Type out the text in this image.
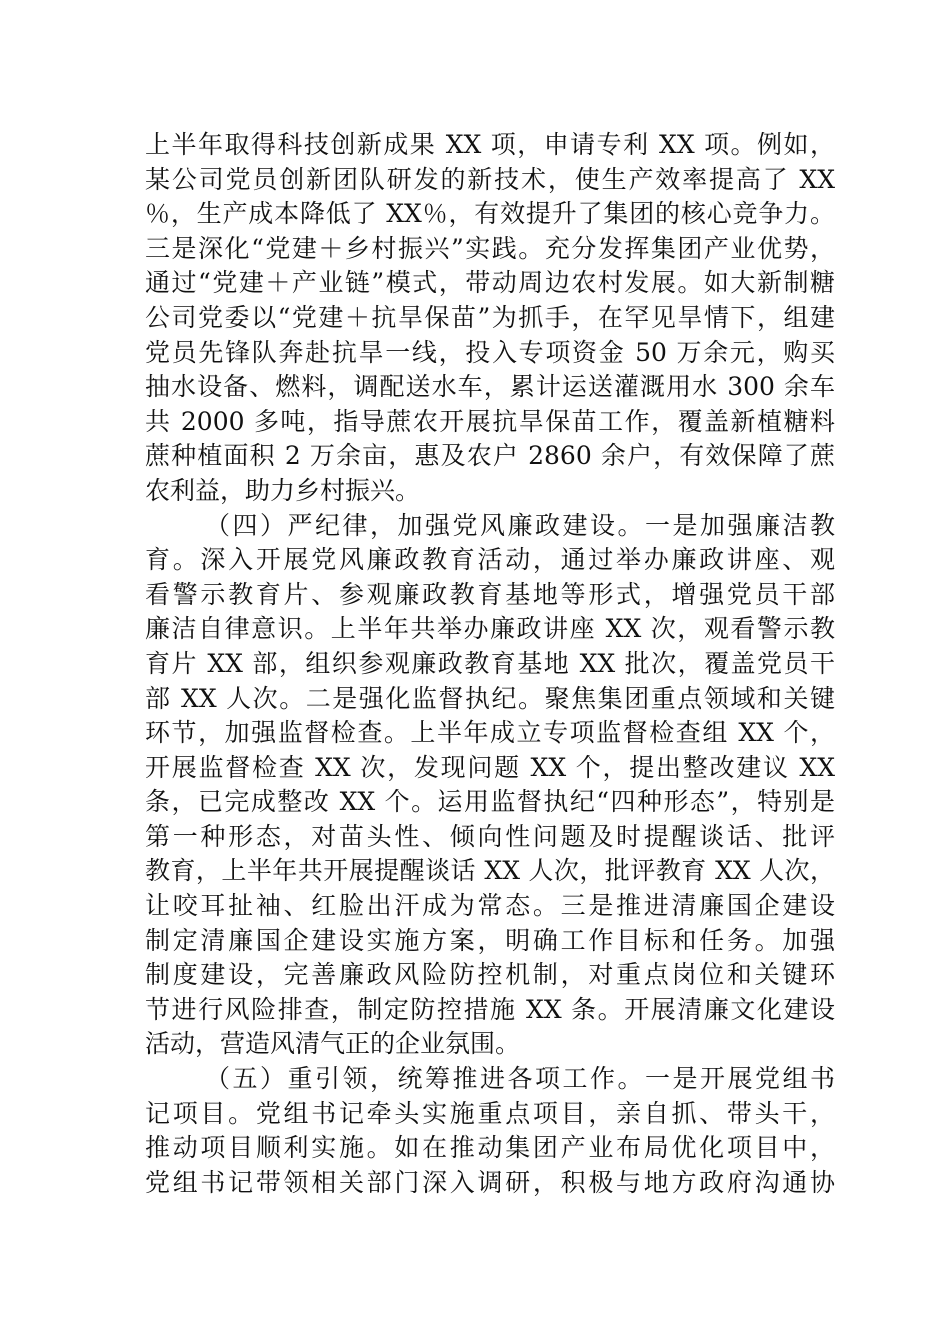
上半年取得科技创新成果 XX 项，申请专利 XX 项。例如，
某公司党员创新团队研发的新技术，使生产效率提高了 XX
％，生产成本降低了 XX％，有效提升了集团的核心竞争力。
三是深化“党建＋乡村振兴”实践。充分发挥集团产业优势，
通过“党建＋产业链”模式，带动周边农村发展。如大新制糖
公司党委以“党建＋抗旱保苗”为抓手，在罕见旱情下，组建
党员先锋队奔赴抗旱一线，投入专项资金 50 万余元，购买
抽水设备、燃料，调配送水车，累计运送灌溉用水 300 余车
共 2000 多吨，指导蔗农开展抗旱保苗工作，覆盖新植糖料
蔗种植面积 2 万余亩，惠及农户 2860 余户，有效保障了蔗
农利益，助力乡村振兴。
（四）严纪律，加强党风廉政建设。一是加强廉洁教
育。深入开展党风廉政教育活动，通过举办廉政讲座、观
看警示教育片、参观廉政教育基地等形式，增强党员干部
廉洁自律意识。上半年共举办廉政讲座 XX 次，观看警示教
育片 XX 部，组织参观廉政教育基地 XX 批次，覆盖党员干
部 XX 人次。二是强化监督执纪。聚焦集团重点领域和关键
环节，加强监督检查。上半年成立专项监督检查组 XX 个，
开展监督检查 XX 次，发现问题 XX 个，提出整改建议 XX
条，已完成整改 XX 个。运用监督执纪“四种形态”，特别是
第一种形态，对苗头性、倾向性问题及时提醒谈话、批评
教育，上半年共开展提醒谈话 XX 人次，批评教育 XX 人次，
让咬耳扯袖、红脸出汗成为常态。三是推进清廉国企建设
制定清廉国企建设实施方案，明确工作目标和任务。加强
制度建设，完善廉政风险防控机制，对重点岗位和关键环
节进行风险排查，制定防控措施 XX 条。开展清廉文化建设
活动，营造风清气正的企业氛围。
（五）重引领，统筹推进各项工作。一是开展党组书
记项目。党组书记牵头实施重点项目，亲自抓、带头干，
推动项目顺利实施。如在推动集团产业布局优化项目中，
党组书记带领相关部门深入调研，积极与地方政府沟通协
